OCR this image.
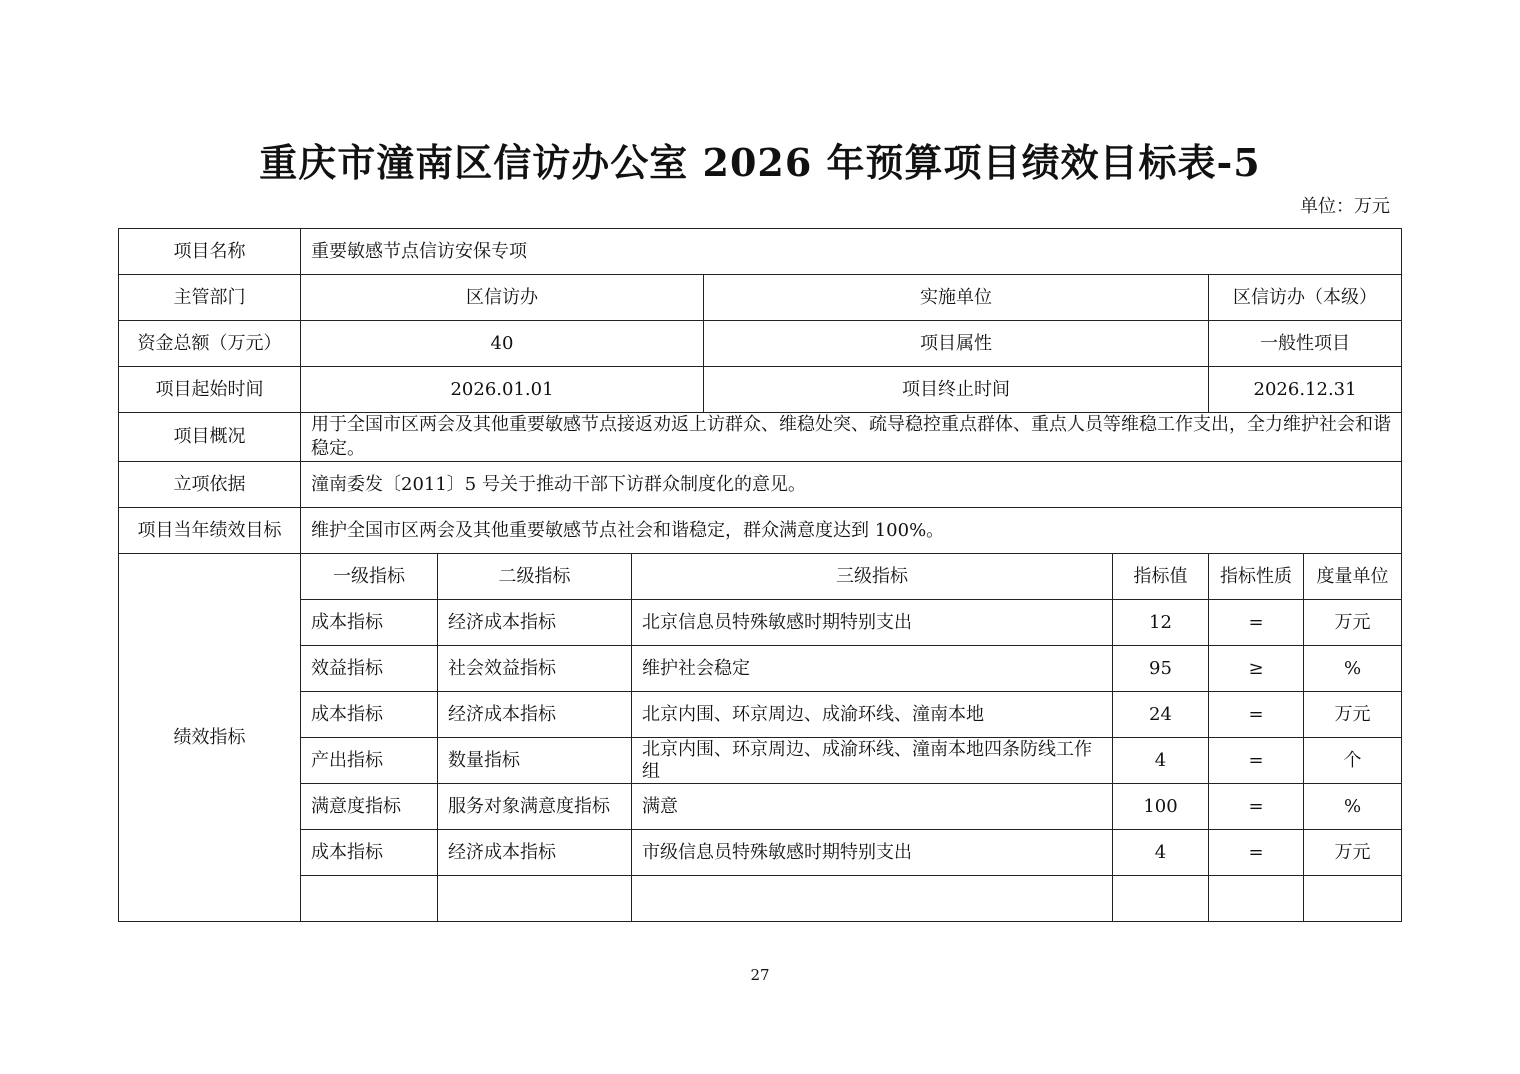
重庆市潼南区信访办公室 2026 年预算项目绩效目标表-5
单位：万元
项目名称	重要敏感节点信访安保专项						
主管部门	区信访办			实施单位		区信访办（本级）	
资金总额（万元）	40			项目属性		一般性项目	
项目起始时间	2026.01.01			项目终止时间		2026.12.31	
项目概况	用于全国市区两会及其他重要敏感节点接返劝返上访群众、维稳处突、疏导稳控重点群体、重点人员等维稳工作支出，全力维护社会和谐稳定。						
立项依据	潼南委发〔2011〕5 号关于推动干部下访群众制度化的意见。						
项目当年绩效目标	维护全国市区两会及其他重要敏感节点社会和谐稳定，群众满意度达到 100%。						
绩效指标	一级指标	二级指标	三级指标		指标值	指标性质	度量单位
	成本指标	经济成本指标	北京信息员特殊敏感时期特别支出		12	=	万元
	效益指标	社会效益指标	维护社会稳定		95	≥	%
	成本指标	经济成本指标	北京内围、环京周边、成渝环线、潼南本地		24	=	万元
	产出指标	数量指标	北京内围、环京周边、成渝环线、潼南本地四条防线工作组		4	=	个
	满意度指标	服务对象满意度指标	满意		100	=	%
	成本指标	经济成本指标	市级信息员特殊敏感时期特别支出		4	=	万元

27
